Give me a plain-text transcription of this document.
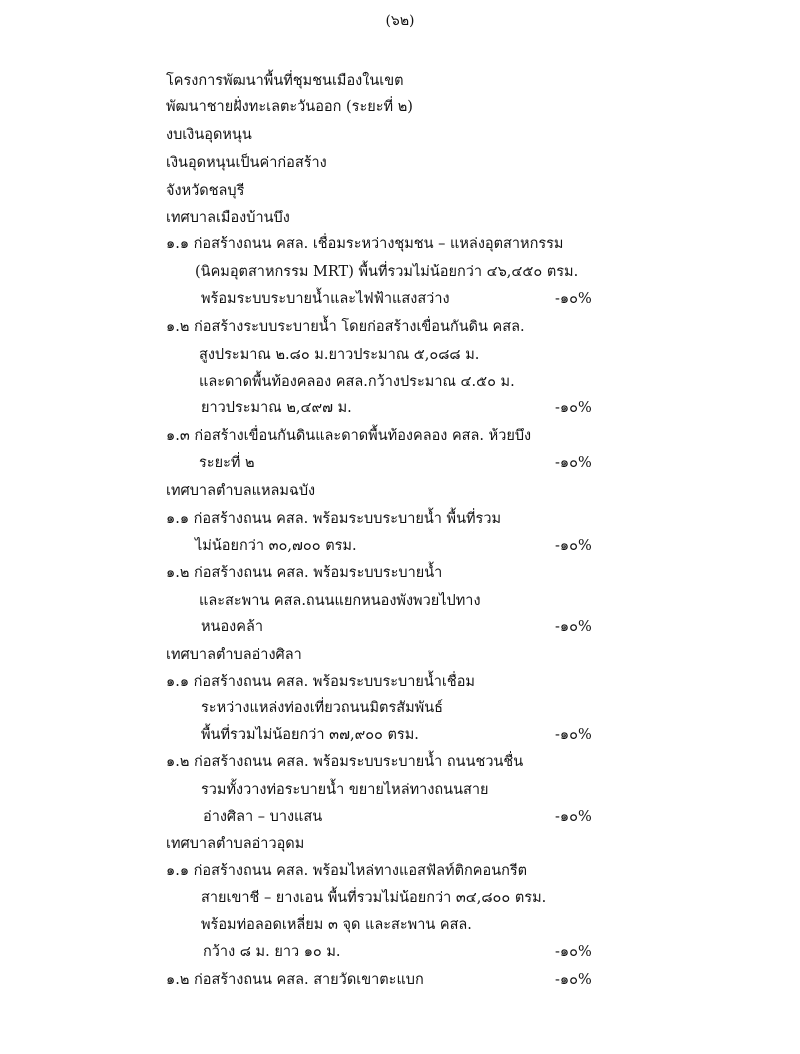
(๖๒)
โครงการพัฒนาพื้นที่ชุมชนเมืองในเขต
พัฒนาชายฝั่งทะเลตะวันออก (ระยะที่ ๒)
งบเงินอุดหนุน
เงินอุดหนุนเป็นค่าก่อสร้าง
จังหวัดชลบุรี
เทศบาลเมืองบ้านบึง
๑.๑ ก่อสร้างถนน คสล. เชื่อมระหว่างชุมชน – แหล่งอุตสาหกรรม
(นิคมอุตสาหกรรม MRT) พื้นที่รวมไม่น้อยกว่า ๔๖,๔๕๐ ตรม.
พร้อมระบบระบายน้ำและไฟฟ้าแสงสว่าง	-๑๐%
๑.๒ ก่อสร้างระบบระบายน้ำ โดยก่อสร้างเขื่อนกันดิน คสล.
สูงประมาณ ๒.๘๐ ม.ยาวประมาณ ๕,๐๘๘ ม.
และดาดพื้นท้องคลอง คสล.กว้างประมาณ ๔.๕๐ ม.
ยาวประมาณ ๒,๔๙๗ ม.	-๑๐%
๑.๓ ก่อสร้างเขื่อนกันดินและดาดพื้นท้องคลอง คสล. ห้วยบึง
ระยะที่ ๒	-๑๐%
เทศบาลตำบลแหลมฉบัง
๑.๑ ก่อสร้างถนน คสล. พร้อมระบบระบายน้ำ พื้นที่รวม
ไม่น้อยกว่า ๓๐,๗๐๐ ตรม.	-๑๐%
๑.๒ ก่อสร้างถนน คสล. พร้อมระบบระบายน้ำ
และสะพาน คสล.ถนนแยกหนองพังพวยไปทาง
หนองคล้า	-๑๐%
เทศบาลตำบลอ่างศิลา
๑.๑ ก่อสร้างถนน คสล. พร้อมระบบระบายน้ำเชื่อม
ระหว่างแหล่งท่องเที่ยวถนนมิตรสัมพันธ์
พื้นที่รวมไม่น้อยกว่า ๓๗,๙๐๐ ตรม.	-๑๐%
๑.๒ ก่อสร้างถนน คสล. พร้อมระบบระบายน้ำ ถนนชวนชื่น
รวมทั้งวางท่อระบายน้ำ ขยายไหล่ทางถนนสาย
อ่างศิลา – บางแสน	-๑๐%
เทศบาลตำบลอ่าวอุดม
๑.๑ ก่อสร้างถนน คสล. พร้อมไหล่ทางแอสฟัลท์ติกคอนกรีต
สายเขาชี – ยางเอน พื้นที่รวมไม่น้อยกว่า ๓๔,๘๐๐ ตรม.
พร้อมท่อลอดเหลี่ยม ๓ จุด และสะพาน คสล.
กว้าง ๘ ม. ยาว ๑๐ ม.	-๑๐%
๑.๒ ก่อสร้างถนน คสล. สายวัดเขาตะแบก	-๑๐%
